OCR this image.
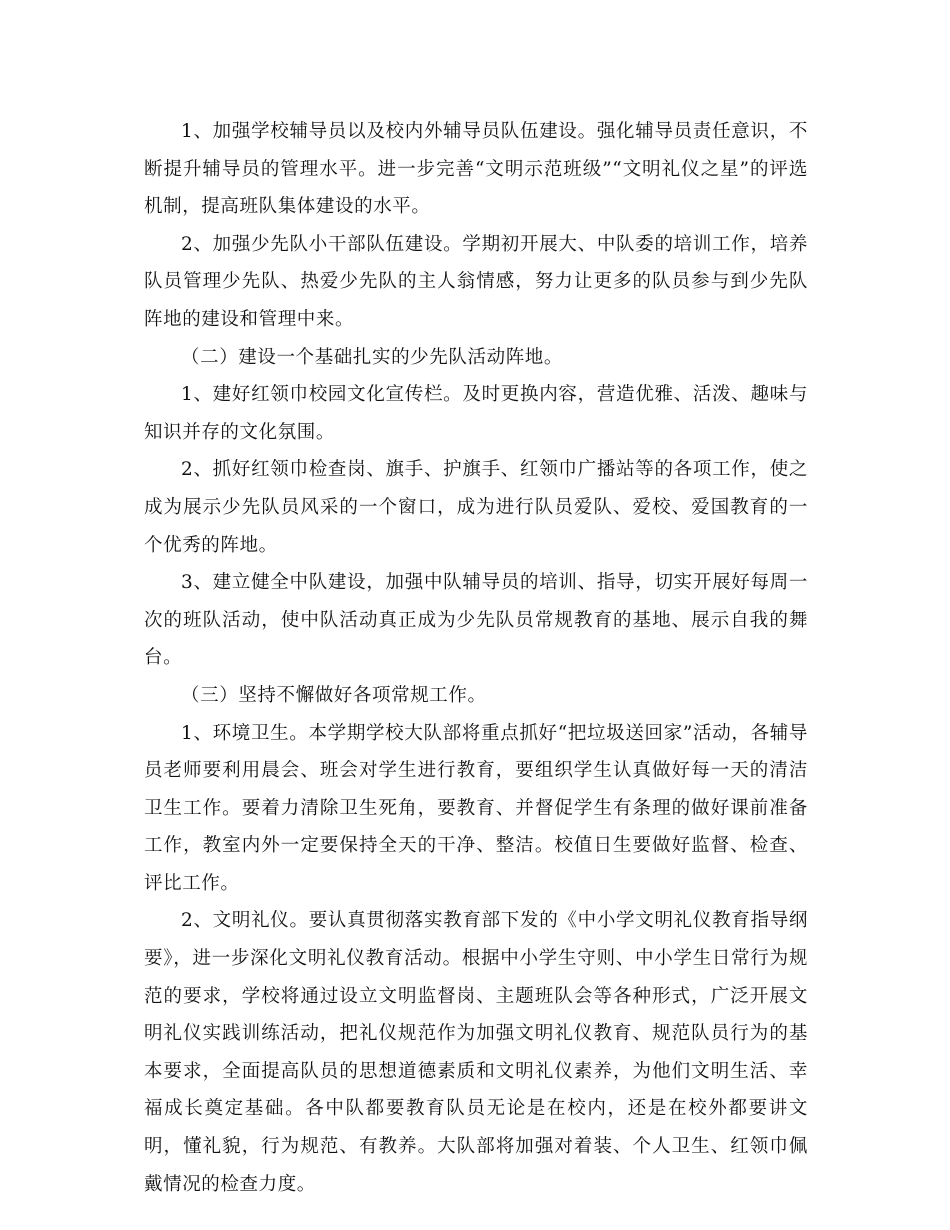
1、加强学校辅导员以及校内外辅导员队伍建设。强化辅导员责任意识，不断提升辅导员的管理水平。进一步完善“文明示范班级”“文明礼仪之星”的评选机制，提高班队集体建设的水平。

2、加强少先队小干部队伍建设。学期初开展大、中队委的培训工作，培养队员管理少先队、热爱少先队的主人翁情感，努力让更多的队员参与到少先队阵地的建设和管理中来。

（二）建设一个基础扎实的少先队活动阵地。

1、建好红领巾校园文化宣传栏。及时更换内容，营造优雅、活泼、趣味与知识并存的文化氛围。

2、抓好红领巾检查岗、旗手、护旗手、红领巾广播站等的各项工作，使之成为展示少先队员风采的一个窗口，成为进行队员爱队、爱校、爱国教育的一个优秀的阵地。

3、建立健全中队建设，加强中队辅导员的培训、指导，切实开展好每周一次的班队活动，使中队活动真正成为少先队员常规教育的基地、展示自我的舞台。

（三）坚持不懈做好各项常规工作。

1、环境卫生。本学期学校大队部将重点抓好“把垃圾送回家”活动，各辅导员老师要利用晨会、班会对学生进行教育，要组织学生认真做好每一天的清洁卫生工作。要着力清除卫生死角，要教育、并督促学生有条理的做好课前准备工作，教室内外一定要保持全天的干净、整洁。校值日生要做好监督、检查、评比工作。

2、文明礼仪。要认真贯彻落实教育部下发的《中小学文明礼仪教育指导纲要》，进一步深化文明礼仪教育活动。根据中小学生守则、中小学生日常行为规范的要求，学校将通过设立文明监督岗、主题班队会等各种形式，广泛开展文明礼仪实践训练活动，把礼仪规范作为加强文明礼仪教育、规范队员行为的基本要求，全面提高队员的思想道德素质和文明礼仪素养，为他们文明生活、幸福成长奠定基础。各中队都要教育队员无论是在校内，还是在校外都要讲文明，懂礼貌，行为规范、有教养。大队部将加强对着装、个人卫生、红领巾佩戴情况的检查力度。
